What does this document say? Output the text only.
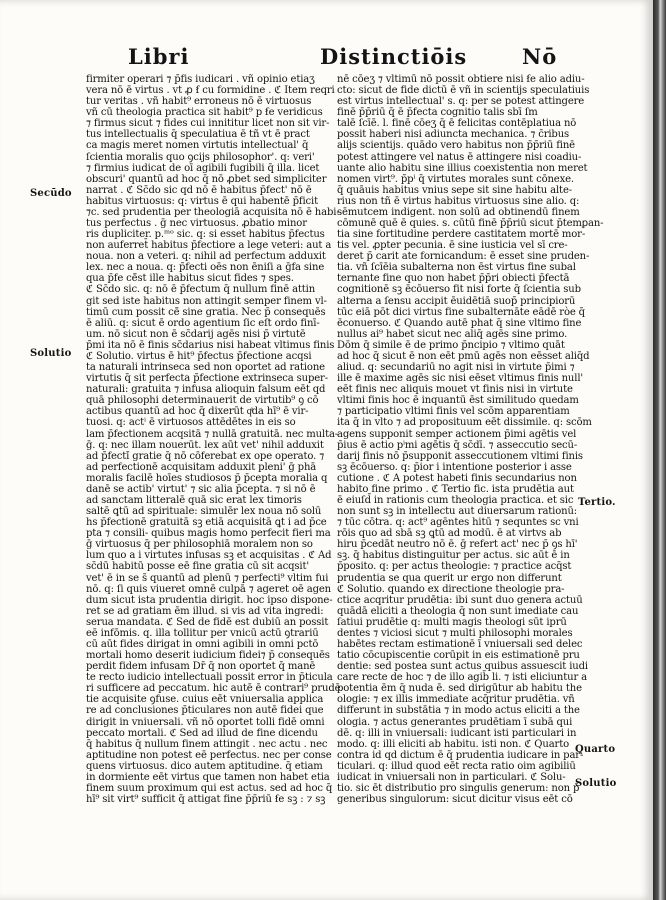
Libri	Distinctiōis	Nō
firmiter operari ⁊ p̄fis iudicari . vñ opinio etiaʒ
vera nō ē virtus . vt ꝓ ẜ cu formidine . ℭ Item reqri
tur veritas . vñ habit⁹ erroneus nō ē virtuosus
vñ cū theologia practica sit habit⁹ p ẜe veridicus
⁊ firmus sicut ⁊ fides cui innititur licet non sit vir-
tus intellectualis q̄ speculatiua ē tñ vt ē pract
ca magis meret nomen virtutis intellectual' q̄
ſcientia moralis quo ꝯcijs philosophor'. q: veri'
⁊ firmius iudicat de oī agibili fugibili q̄ illa. licet
obscuri' quantū ad hoc q̄ nō ꝓbet sed simpliciter
narrat . ℭ Sc̄do sic qd nō ē habitus p̄fect' nō ē
habitus virtuosus: q: virtus ē qui habentē p̄ficit
⁊c. sed prudentia per theologiā acquisita nō ē habi-
tus perfectus . ḡ nec virtuosus. ꝓbatio minor
ris dupliciter. p.ᵐᵒ sic. q: si esset habitus p̄fectus
non auferret̄ habitus p̄fectiore a lege veteri: aut a
noua. non a veteri. q: nihil ad perfectum adduxit
lex. nec a noua. q: p̄fecti oēs non ēniſi a ḡfa sine
qua p̄fe cē̄st ille habitus sicut fides ⁊ spes.
ℭ Sc̄do sic. q: nō ē p̄fectum q̄ nullum finē attin
git sed iste habitus non attingit semper finem vl-
timū cum possit cē̄ sine gratia. Nec p̄ consequēs
ē aliū. q: sicut ē ordo agentium ſic eſt ordo finī-
um. nō sicut non ē sc̄darij agēs nisi p̄ virtutē
p̄mi ita nō ē finis sc̄darius nisi habeat vltimus finis
ℭ Solutio. virtus ē hit⁹ p̄fectus p̄fectione acqsi
ta naturali intrinseca sed non oportet ad ratione
virtutis q̄ sit perfecta p̄fectione extrinseca super-
naturali: gratuita ⁊ infusa alioquin falsum eēt qd
quā philosophi determinauerit de virtutib⁹ ꝯ cō
actibus quantū ad hoc q̄ dixerūt qͤda hī⁹ ē vir-
tuosi. q: actⁱ ē virtuosos attēdētes in eis so
lam p̄fectionem acqsitā ⁊ nullā gratuitā. nec multa-
ḡ. q: nec illam nouerūt. lex aūt vet' nihil adduxit
ad p̄fecti̇̄ gratie q̄ nō cōferebat ex ope operato. ⁊
ad perfectionē acquisitam adduxit pleni' ḡ phā
moralis facilē hoīes studiosos p̄ p̄cepta moralia q
danē se actib' virtut' ⁊ sic alia p̄cepta. ⁊ si nō ē
ad sanctam litteralē quā sic erat lex timoris
saltē ꝗtū ad spirituale: simulēr lex noua nō solū
hs p̄fectionē gratuitā sꝫ etiā acquisitā ꝗt i ad p̄ce
pta ⁊ consili- quibus magis homo perfecit fieri ma
ḡ virtuosus q̄ per philosophiā moralem non so
lum quo a i virtutes infusas sꝫ et acquisitas . ℭ Ad
sc̄dū habitū posse eē fine gratia cū sit acqsit'
vet' ē in se s̄ quantū ad plenū ⁊ perfecti⁹ vltim fui
nō. q: ſi quis viueret omnē culpā ⁊ ageret oē agen
dum sicut ista prudentia dirigit. hoc ipso dispone-
ret se ad gratiam ēm illud. si vis ad vita ingredi:
serua mandata. ℭ Sed de fidē est dubiū an possit
eē infōmis. q. illa tollitur per vnicū actū ꝯtrariū
cū aūt fides dirigat in omni agibili in omni pctō
mortali homo deserit iudicium fidei⁊ p̄ consequēs
perdit fidem infusam Dr̄ q̄ non oportet q̄ manē
te recto iudicio intellectuali possit error in p̄ticula
ri sufficere ad peccatum. hic autē ē contrari⁹ prudē
tie acquisite ꝯfuse. cuius eēt vniuersalia applica
re ad conclusiones p̄ticulares non autē fidei que
dirigit in vniuersali. vñ nō oportet tolli fidē omni
peccato mortali. ℭ Sed ad illud de fine dicendu
q̄ habitus q̄ nullum finem attingit . nec actu . nec
aptitudine non potest eē perfectus. nec per conse
quens virtuosus. dico autem aptitudine. q̄ etiam
in dormiente eēt virtus que tamen non habet etia
finem suum proximum qui est actus. sed ad hoc q̄
hī⁹ sit virt⁹ sufficit q̄ attigat fine p̄p̄riū ẜe sꝫ : ⁊ sꝫ
nē cōeʒ ⁊ vltimū nō possit obtiere nisi ẜe alio adiu-
cto: sicut de fide dictū ē vñ in scientijs speculatiuis
est virtus intellectual' s. q: per se potest attingere
finē p̄p̄riū q̄ ē p̄fecta cognitio talis sbī ſm
talē ſcīē. l. finē cōeʒ q̄ ē felicitas contēplatiua nō
possit haberi nisi adiuncta mechanica. ⁊ c̄ribus
alijs scientijs. quādo vero habitus non p̄p̄riū finē
potest attingere vel natus ē attingere nisi coadiu-
uante alio habitu sine illius coexistentia non meret
nomen virt⁹. p̄pⁱ q̄ virtutes morales sunt cōnexe.
q̄ quāuis habitus vnius sepe sit sine habitu alte-
rius non tñ ē virtus habitus virtuosus sine alio. q:
sēmutcem indigent. non solū ad obtinendū finem
cōmunē quē ē quies. s. cūtū finē p̄p̄riū sicut p̄temꝑan-
tia sine fortitudine perdere castitatem mortē mor-
tis vel. ꝓpter pecunia. ē sine iusticia vel sī cre-
deret p̄ carit ate fornicandum: ē esset sine pruden-
tia. vñ ſcīēia subalterna non ēst virtus fine subal
ternante fine quo non habet p̄p̄ri obiecti p̄fectā
cognitionē sꝫ ēcōuerso fit nisi forte q̄ ſcientia sub
alterna a ſensu accipit ēuidētiā suop̄ principiorū
tūc eiā pōt dici virtus fine subalternāte eādē ròe q̄
ēconuerso. ℭ Quando autē phat q̄ sine vltimo fine
nullus ai⁹ habet sicut nec aliq̄ agēs sine primo.
Dōm q̄ simile ē de primo p̄ncipio ⁊ vltimo quāt
ad hoc q̄ sicut ē non eēt pmū agēs non eēsset aliq̄d
aliud. q: secundariū no agit nisi in virtute p̄imi ⁊
ille ē maxime agēs sic nisi eēset vltimus finis null'
eēt finis nec aliquis mouet vt finis nisi in virtute
vltimi finis hoc ē inquantū ēst similitudo quedam
⁊ participatio vltimi finis vel scōm apparentiam
ita q̄ in vlto ⁊ ad proposituum eēt dissimile. q: scōm
agens supponit semper actionem p̄imi agētis vel
p̄ius ē actio pⁱmi agētis q̄ sc̄dī. ⁊ asseccutio secū-
darij finis nō p̄supponit asseccutionem vltimi finis
sꝫ ēcōuerso. q: p̄ior i intentione posterior i asse
cutione . ℭ A potest habeti finis secundarius non
habito fine primo . ℭ Tertio fic. ista prudētia aut
ē eiuſd̄ in rationis cum theologia practica. et sic
non sunt sꝫ in intellectu aut diuersarum rationū:
⁊ tūc cōtra. q: act⁹ agēntes hitū ⁊ sequntes sc vni
rōis quo ad sbā sꝫ ꝗtū ad modū. ē at virtvs ab
hiru p̄cedāt neutro nō ē. ḡ refert act' nec p̄ ꝯs hī'
sꝫ. q̄ habitus distinguitur per actus. sic aūt ē in
p̄posito. q: per actus theologie: ⁊ practice acq̄st
prudentia se qua querit ur ergo non differunt
ℭ Solutio. quando ex directione theologie pra-
ctice acqritur prudētia: ibi sunt duo genera actuū
quādā eliciti a theologia q̄ non sunt imediate cau
ſatiui prudētie q: multi magis theologi sūt iprū
dentes ⁊ viciosi sicut ⁊ multi philosophi morales
habētes rectam estimationē ī vniuersali sed delec
tatio cōcupiscentie corūpit in eis estimationē pru
dentie: sed postea sunt actus quibus assuescit iudi
care recte de hoc ⁊ de illo agib̄ li. ⁊ isti eliciuntur a
potentia ēm q̄ nuda ē. sed dirigūtur ab habitu the
ologie: ⁊ ex illis immediate acq̄ritur prudētia. vñ
differunt in substātia ⁊ in modo actus eliciti a the
ologia. ⁊ actus generantes prudētiam ī subā qui
dē. q: illi in vniuersali: iudicant isti particulari in
modo. q: illi eliciti ab habitu. isti non. ℭ Quarto
contra id qd dictum ē q̄ prudentia iudicare in par-
ticulari. q: illud quod eēt recta ratio oim agibiliū
iudicat in vniuersali non in particulari. ℭ Solu-
tio. sic ēt distributio pro singulis generum: non p̄
generibus singulorum: sicut dicitur visus eēt cō
Secūdo
Solutio
Tertio.
Quarto
Solutio
